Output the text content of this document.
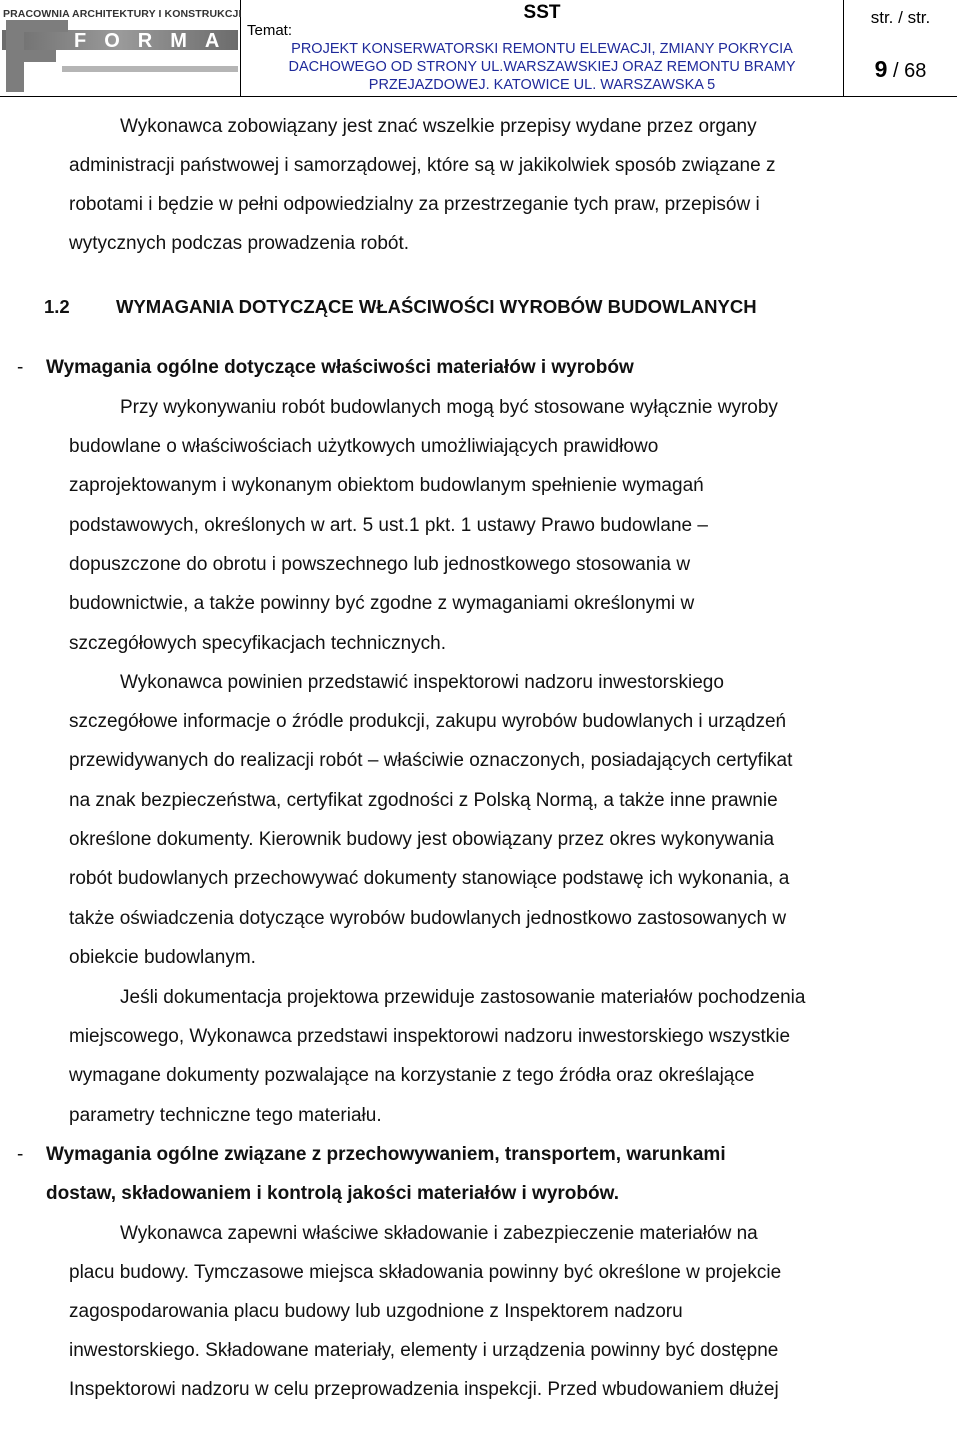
PRACOWNIA ARCHITEKTURY I KONSTRUKCJI
FORMA
SST
Temat:
PROJEKT KONSERWATORSKI REMONTU ELEWACJI, ZMIANY POKRYCIA
DACHOWEGO OD STRONY UL.WARSZAWSKIEJ ORAZ REMONTU BRAMY
PRZEJAZDOWEJ. KATOWICE UL. WARSZAWSKA 5
str. / str.
9 / 68
Wykonawca zobowiązany jest znać wszelkie przepisy wydane przez organy
administracji państwowej i samorządowej, które są w jakikolwiek sposób związane z
robotami i będzie w pełni odpowiedzialny za przestrzeganie tych praw, przepisów i
wytycznych podczas prowadzenia robót.
1.2	WYMAGANIA DOTYCZĄCE WŁAŚCIWOŚCI WYROBÓW BUDOWLANYCH
- Wymagania ogólne dotyczące właściwości materiałów i wyrobów
Przy wykonywaniu robót budowlanych mogą być stosowane wyłącznie wyroby
budowlane o właściwościach użytkowych umożliwiających prawidłowo
zaprojektowanym i wykonanym obiektom budowlanym spełnienie wymagań
podstawowych, określonych w art. 5 ust.1 pkt. 1 ustawy Prawo budowlane –
dopuszczone do obrotu i powszechnego lub jednostkowego stosowania w
budownictwie, a także powinny być zgodne z wymaganiami określonymi w
szczegółowych specyfikacjach technicznych.
Wykonawca powinien przedstawić inspektorowi nadzoru inwestorskiego
szczegółowe informacje o źródle produkcji, zakupu wyrobów budowlanych i urządzeń
przewidywanych do realizacji robót – właściwie oznaczonych, posiadających certyfikat
na znak bezpieczeństwa, certyfikat zgodności z Polską Normą, a także inne prawnie
określone dokumenty. Kierownik budowy jest obowiązany przez okres wykonywania
robót budowlanych przechowywać dokumenty stanowiące podstawę ich wykonania, a
także oświadczenia dotyczące wyrobów budowlanych jednostkowo zastosowanych w
obiekcie budowlanym.
Jeśli dokumentacja projektowa przewiduje zastosowanie materiałów pochodzenia
miejscowego, Wykonawca przedstawi inspektorowi nadzoru inwestorskiego wszystkie
wymagane dokumenty pozwalające na korzystanie z tego źródła oraz określające
parametry techniczne tego materiału.
- Wymagania ogólne związane z przechowywaniem, transportem, warunkami
dostaw, składowaniem i kontrolą jakości materiałów i wyrobów.
Wykonawca zapewni właściwe składowanie i zabezpieczenie materiałów na
placu budowy. Tymczasowe miejsca składowania powinny być określone w projekcie
zagospodarowania placu budowy lub uzgodnione z Inspektorem nadzoru
inwestorskiego. Składowane materiały, elementy i urządzenia powinny być dostępne
Inspektorowi nadzoru w celu przeprowadzenia inspekcji. Przed wbudowaniem dłużej
